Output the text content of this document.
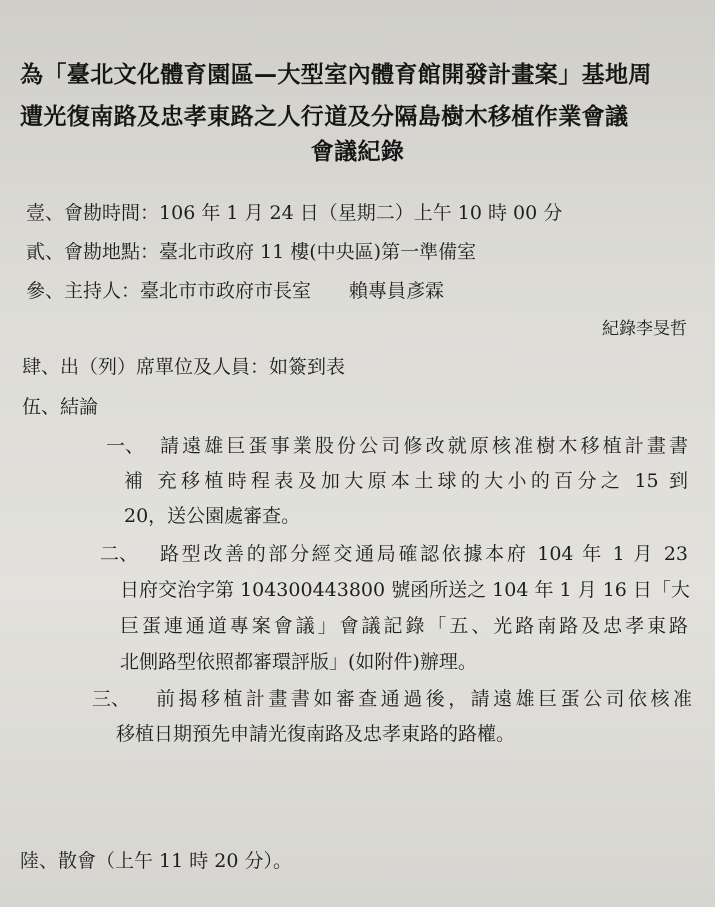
為「臺北文化體育園區—大型室內體育館開發計畫案」基地周
遭光復南路及忠孝東路之人行道及分隔島樹木移植作業會議
會議紀錄
壹、會勘時間：106 年 1 月 24 日（星期二）上午 10 時 00 分
貳、會勘地點：臺北市政府 11 樓(中央區)第一準備室
參、主持人：臺北市市政府市長室 賴專員彥霖
紀錄李旻哲
肆、出（列）席單位及人員：如簽到表
伍、結論
一、 請遠雄巨蛋事業股份公司修改就原核准樹木移植計畫書
補 充移植時程表及加大原本土球的大小的百分之 15 到
20，送公園處審查。
二、 路型改善的部分經交通局確認依據本府 104 年 1 月 23
日府交治字第 104300443800 號函所送之 104 年 1 月 16 日「大
巨蛋連通道專案會議」會議記錄「五、光路南路及忠孝東路
北側路型依照都審環評版」(如附件)辦理。
三、 前揭移植計畫書如審查通過後，請遠雄巨蛋公司依核准
移植日期預先申請光復南路及忠孝東路的路權。
陸、散會（上午 11 時 20 分）。
